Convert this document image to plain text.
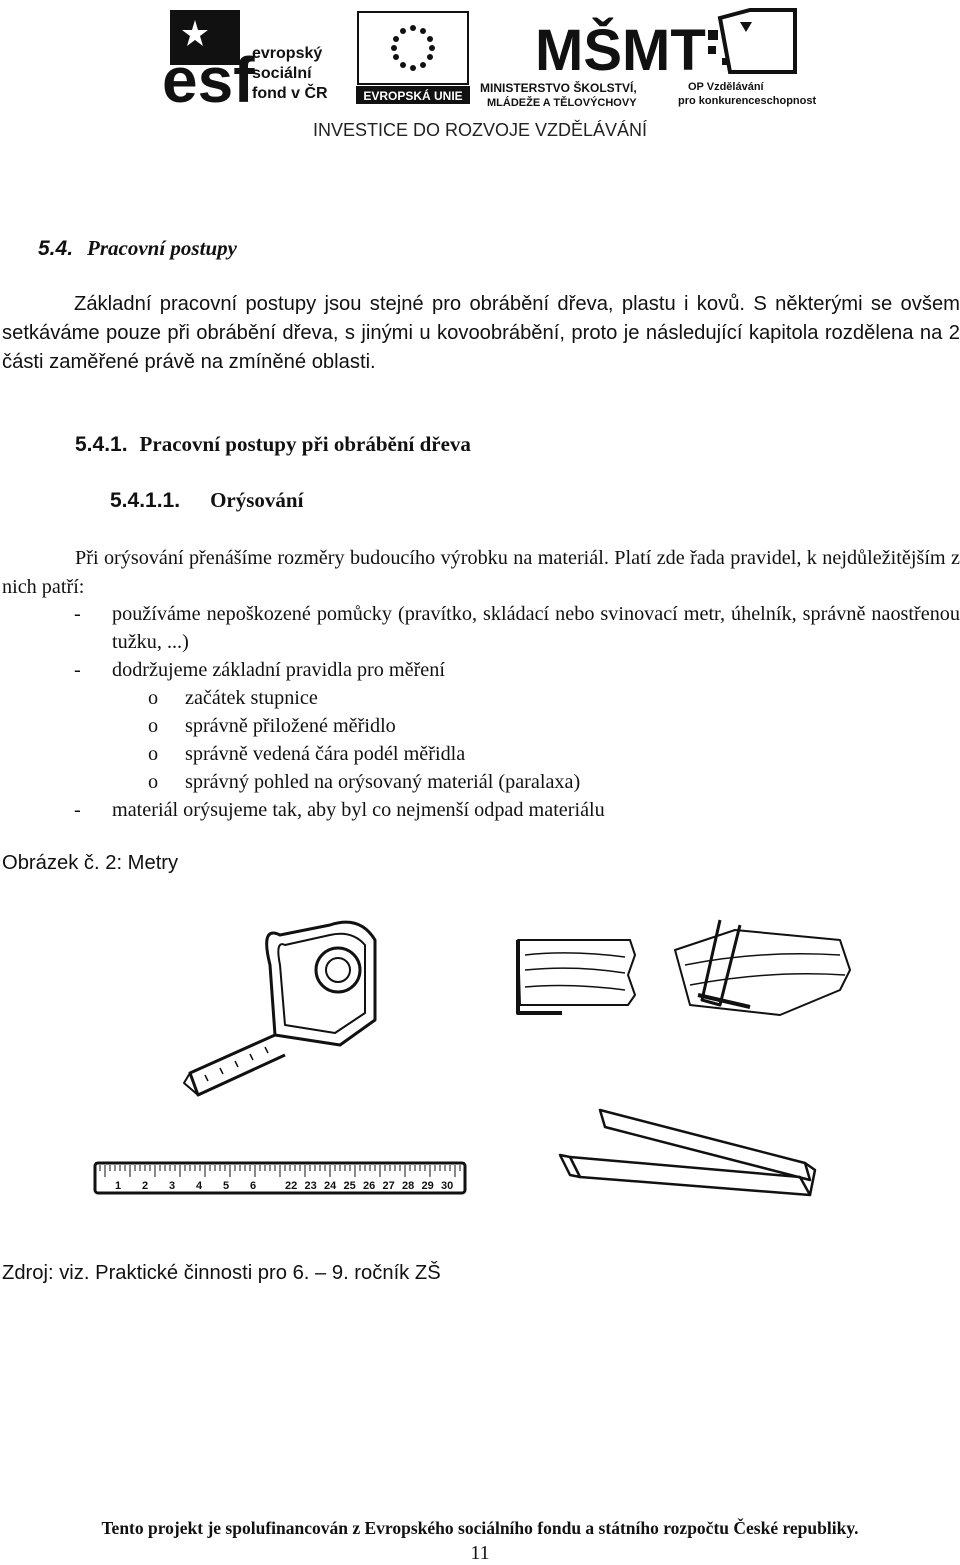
esf
evropský
sociální
fond v ČR	EVROPSKÁ UNIE
MŠMT
MINISTERSTVO ŠKOLSTVÍ,
MLÁDEŽE A TĚLOVÝCHOVY
OP Vzdělávání
pro konkurenceschopnost
INVESTICE DO ROZVOJE VZDĚLÁVÁNÍ
5.4. Pracovní postupy

Základní pracovní postupy jsou stejné pro obrábění dřeva, plastu i kovů. S některými se ovšem setkáváme pouze při obrábění dřeva, s jinými u kovoobrábění, proto je následující kapitola rozdělena na 2 části zaměřené právě na zmíněné oblasti.

5.4.1. Pracovní postupy při obrábění dřeva
5.4.1.1. Orýsování

Při orýsování přenášíme rozměry budoucího výrobku na materiál. Platí zde řada pravidel, k nejdůležitějším z nich patří:

- používáme nepoškozené pomůcky (pravítko, skládací nebo svinovací metr, úhelník, správně naostřenou tužku, ...)
- dodržujeme základní pravidla pro měření
o začátek stupnice
o správně přiložené měřidlo
o správně vedená čára podél měřidla
o správný pohled na orýsovaný materiál (paralaxa)
- materiál orýsujeme tak, aby byl co nejmenší odpad materiálu
Obrázek č. 2: Metry
1 2 3 4 5 6	22 23 24 25 26 27 28 29 30
Zdroj: viz. Praktické činnosti pro 6. – 9. ročník ZŠ
Tento projekt je spolufinancován z Evropského sociálního fondu a státního rozpočtu České republiky.
11
